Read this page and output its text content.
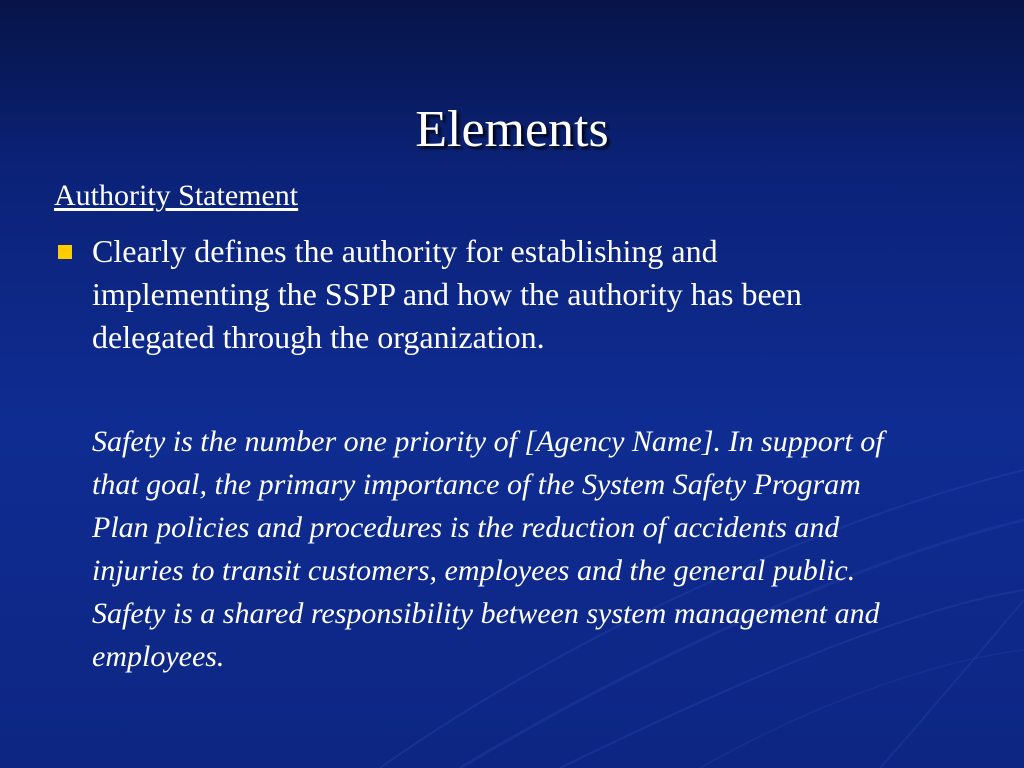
Elements
Authority Statement
Clearly defines the authority for establishing and implementing the SSPP and how the authority has been delegated through the organization.
Safety is the number one priority of [Agency Name]. In support of that goal, the primary importance of the System Safety Program Plan policies and procedures is the reduction of accidents and injuries to transit customers, employees and the general public. Safety is a shared responsibility between system management and employees.
